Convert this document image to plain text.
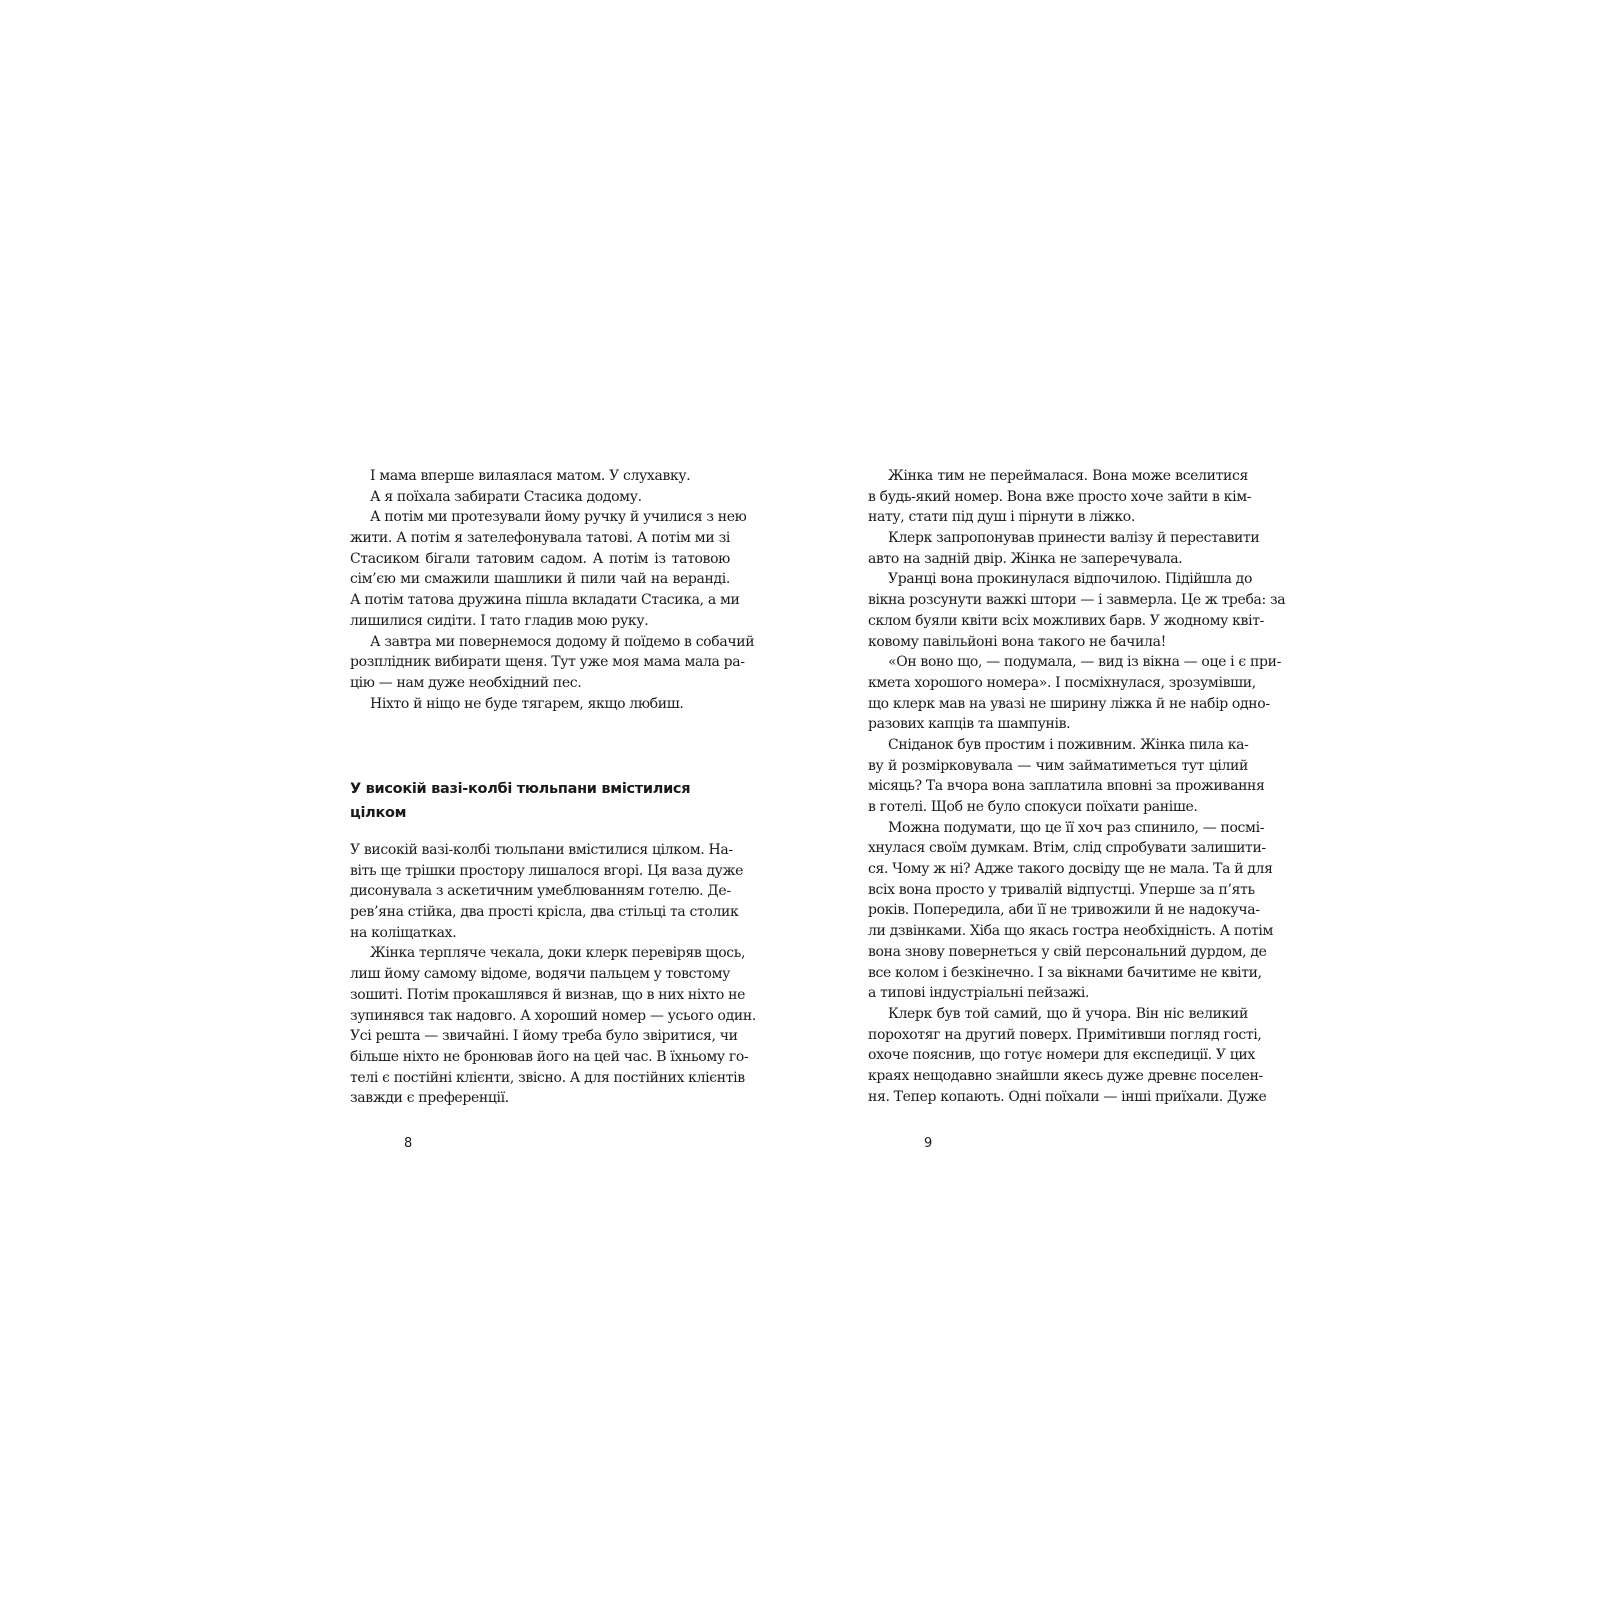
І мама вперше вилаялася матом. У слухавку.
А я поїхала забирати Стасика додому.
А потім ми протезували йому ручку й училися з нею
жити. А потім я зателефонувала татові. А потім ми зі
Стасиком бігали татовим садом. А потім із татовою
сім’єю ми смажили шашлики й пили чай на веранді.
А потім татова дружина пішла вкладати Стасика, а ми
лишилися сидіти. І тато гладив мою руку.
А завтра ми повернемося додому й поїдемо в собачий
розплідник вибирати щеня. Тут уже моя мама мала ра-
цію — нам дуже необхідний пес.
Ніхто й ніщо не буде тягарем, якщо любиш.
У високій вазі-колбі тюльпани вмістилися
цілком
У високій вазі-колбі тюльпани вмістилися цілком. На-
віть ще трішки простору лишалося вгорі. Ця ваза дуже
дисонувала з аскетичним умеблюванням готелю. Де-
рев’яна стійка, два прості крісла, два стільці та столик
на коліщатках.
Жінка терпляче чекала, доки клерк перевіряв щось,
лиш йому самому відоме, водячи пальцем у товстому
зошиті. Потім прокашлявся й визнав, що в них ніхто не
зупинявся так надовго. А хороший номер — усього один.
Усі решта — звичайні. І йому треба було звіритися, чи
більше ніхто не бронював його на цей час. В їхньому го-
телі є постійні клієнти, звісно. А для постійних клієнтів
завжди є преференції.
Жінка тим не переймалася. Вона може вселитися
в будь-який номер. Вона вже просто хоче зайти в кім-
нату, стати під душ і пірнути в ліжко.
Клерк запропонував принести валізу й переставити
авто на задній двір. Жінка не заперечувала.
Уранці вона прокинулася відпочилою. Підійшла до
вікна розсунути важкі штори — і завмерла. Це ж треба: за
склом буяли квіти всіх можливих барв. У жодному квіт-
ковому павільйоні вона такого не бачила!
«Он воно що, — подумала, — вид із вікна — оце і є при-
кмета хорошого номера». І посміхнулася, зрозумівши,
що клерк мав на увазі не ширину ліжка й не набір одно-
разових капців та шампунів.
Сніданок був простим і поживним. Жінка пила ка-
ву й розмірковувала — чим займатиметься тут цілий
місяць? Та вчора вона заплатила вповні за проживання
в готелі. Щоб не було спокуси поїхати раніше.
Можна подумати, що це її хоч раз спинило, — посмі-
хнулася своїм думкам. Втім, слід спробувати залишити-
ся. Чому ж ні? Адже такого досвіду ще не мала. Та й для
всіх вона просто у тривалій відпустці. Уперше за п’ять
років. Попередила, аби її не тривожили й не надокуча-
ли дзвінками. Хіба що якась гостра необхідність. А потім
вона знову повернеться у свій персональний дурдом, де
все колом і безкінечно. І за вікнами бачитиме не квіти,
а типові індустріальні пейзажі.
Клерк був той самий, що й учора. Він ніс великий
порохотяг на другий поверх. Примітивши погляд гості,
охоче пояснив, що готує номери для експедиції. У цих
краях нещодавно знайшли якесь дуже древнє поселен-
ня. Тепер копають. Одні поїхали — інші приїхали. Дуже
8	9
